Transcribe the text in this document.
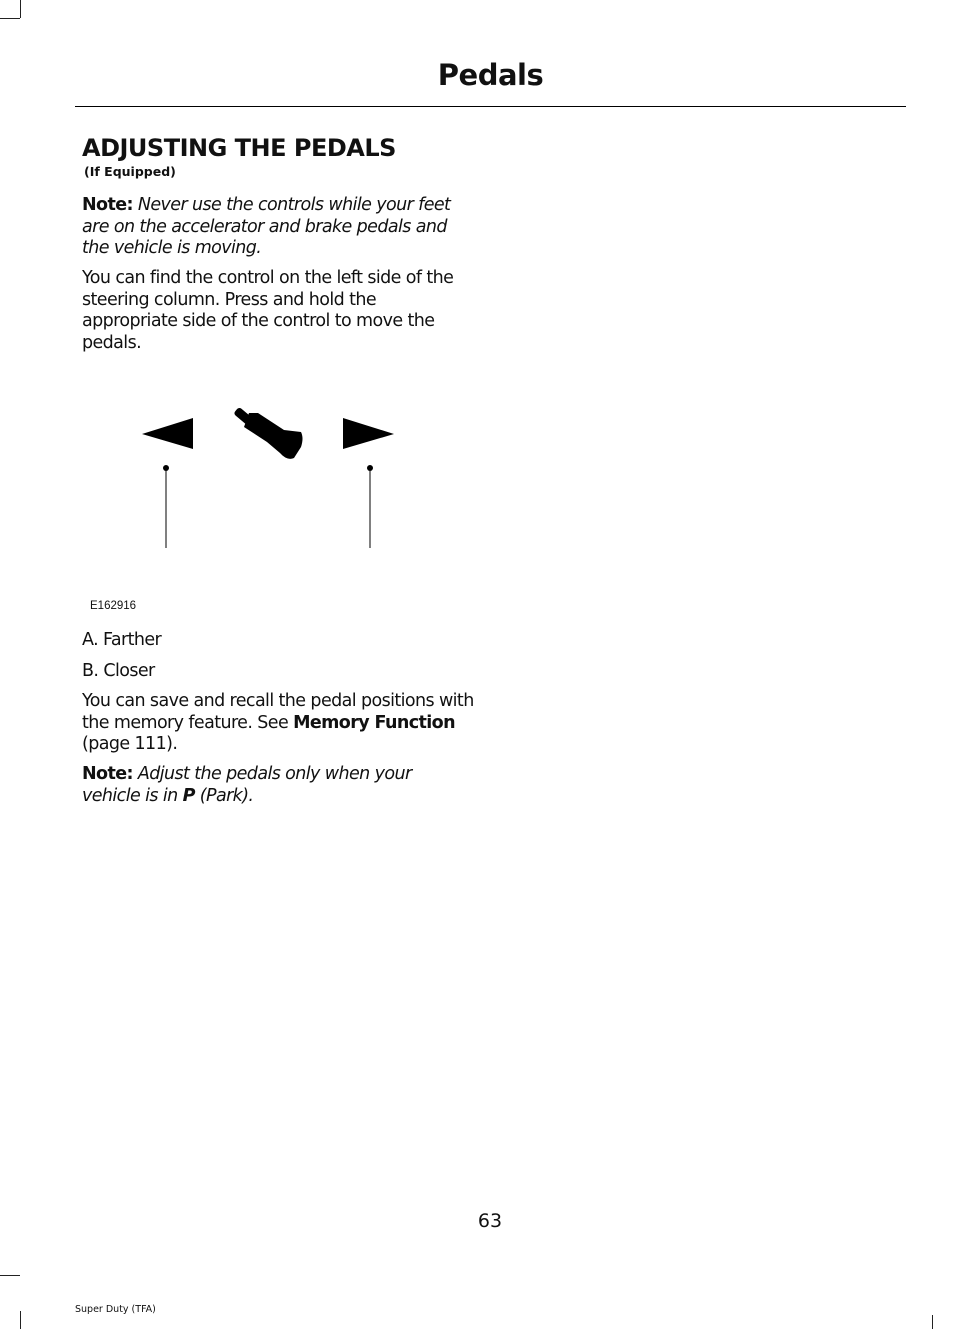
Pedals
ADJUSTING THE PEDALS
(If Equipped)

Note: Never use the controls while your feet are on the accelerator and brake pedals and the vehicle is moving.

You can find the control on the left side of the steering column. Press and hold the appropriate side of the control to move the pedals.

E162916

A. Farther

B. Closer

You can save and recall the pedal positions with the memory feature. See Memory Function (page 111).

Note: Adjust the pedals only when your vehicle is in P (Park).

63
Super Duty (TFA)
